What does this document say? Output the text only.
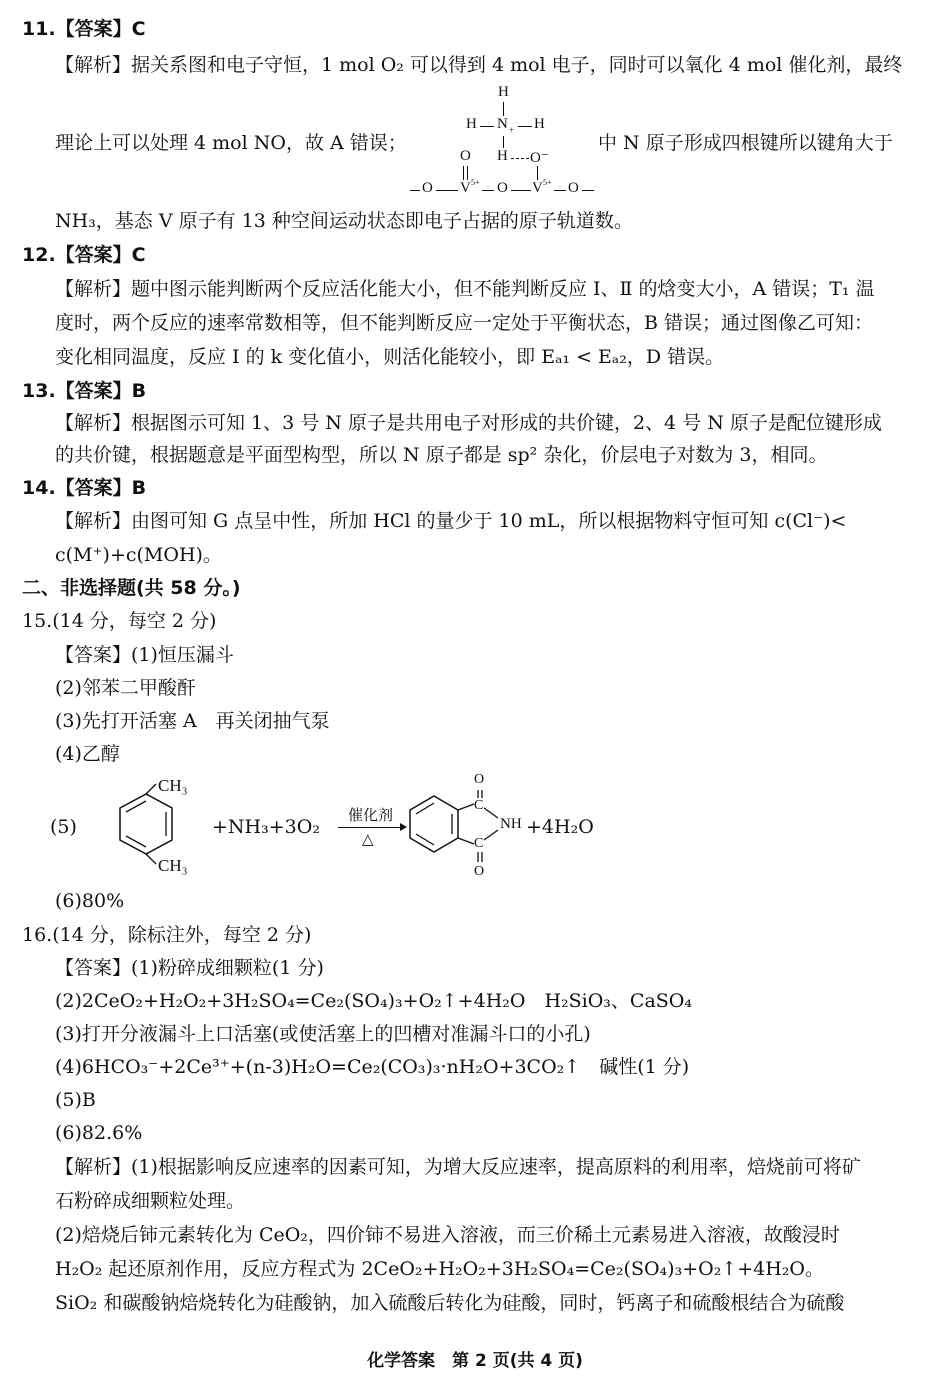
11.【答案】C
【解析】据关系图和电子守恒，1 mol O₂ 可以得到 4 mol 电子，同时可以氧化 4 mol 催化剂，最终
理论上可以处理 4 mol NO，故 A 错误；
H
H N + H
O H O⁻
O V 5+ O V 5+ O
中 N 原子形成四根键所以键角大于
NH₃，基态 V 原子有 13 种空间运动状态即电子占据的原子轨道数。
12.【答案】C
【解析】题中图示能判断两个反应活化能大小，但不能判断反应 Ⅰ、Ⅱ 的焓变大小，A 错误；T₁ 温
度时，两个反应的速率常数相等，但不能判断反应一定处于平衡状态，B 错误；通过图像乙可知：
变化相同温度，反应 Ⅰ 的 k 变化值小，则活化能较小，即 Eₐ₁ < Eₐ₂，D 错误。
13.【答案】B
【解析】根据图示可知 1、3 号 N 原子是共用电子对形成的共价键，2、4 号 N 原子是配位键形成
的共价键，根据题意是平面型构型，所以 N 原子都是 sp² 杂化，价层电子对数为 3，相同。
14.【答案】B
【解析】由图可知 G 点呈中性，所加 HCl 的量少于 10 mL，所以根据物料守恒可知 c(Cl⁻)<
c(M⁺)+c(MOH)。
二、非选择题(共 58 分。)
15.(14 分，每空 2 分)
【答案】(1)恒压漏斗
(2)邻苯二甲酸酐
(3)先打开活塞 A　再关闭抽气泵
(4)乙醇
(5)
CH₃
CH₃
+NH₃+3O₂ 催化剂
△
O
C
NH
C
O
+4H₂O
(6)80%
16.(14 分，除标注外，每空 2 分)
【答案】(1)粉碎成细颗粒(1 分)
(2)2CeO₂+H₂O₂+3H₂SO₄=Ce₂(SO₄)₃+O₂↑+4H₂O　H₂SiO₃、CaSO₄
(3)打开分液漏斗上口活塞(或使活塞上的凹槽对准漏斗口的小孔)
(4)6HCO₃⁻+2Ce³⁺+(n-3)H₂O=Ce₂(CO₃)₃·nH₂O+3CO₂↑　碱性(1 分)
(5)B
(6)82.6%
【解析】(1)根据影响反应速率的因素可知，为增大反应速率，提高原料的利用率，焙烧前可将矿
石粉碎成细颗粒处理。
(2)焙烧后铈元素转化为 CeO₂，四价铈不易进入溶液，而三价稀土元素易进入溶液，故酸浸时
H₂O₂ 起还原剂作用，反应方程式为 2CeO₂+H₂O₂+3H₂SO₄=Ce₂(SO₄)₃+O₂↑+4H₂O。
SiO₂ 和碳酸钠焙烧转化为硅酸钠，加入硫酸后转化为硅酸，同时，钙离子和硫酸根结合为硫酸
化学答案　第 2 页(共 4 页)
